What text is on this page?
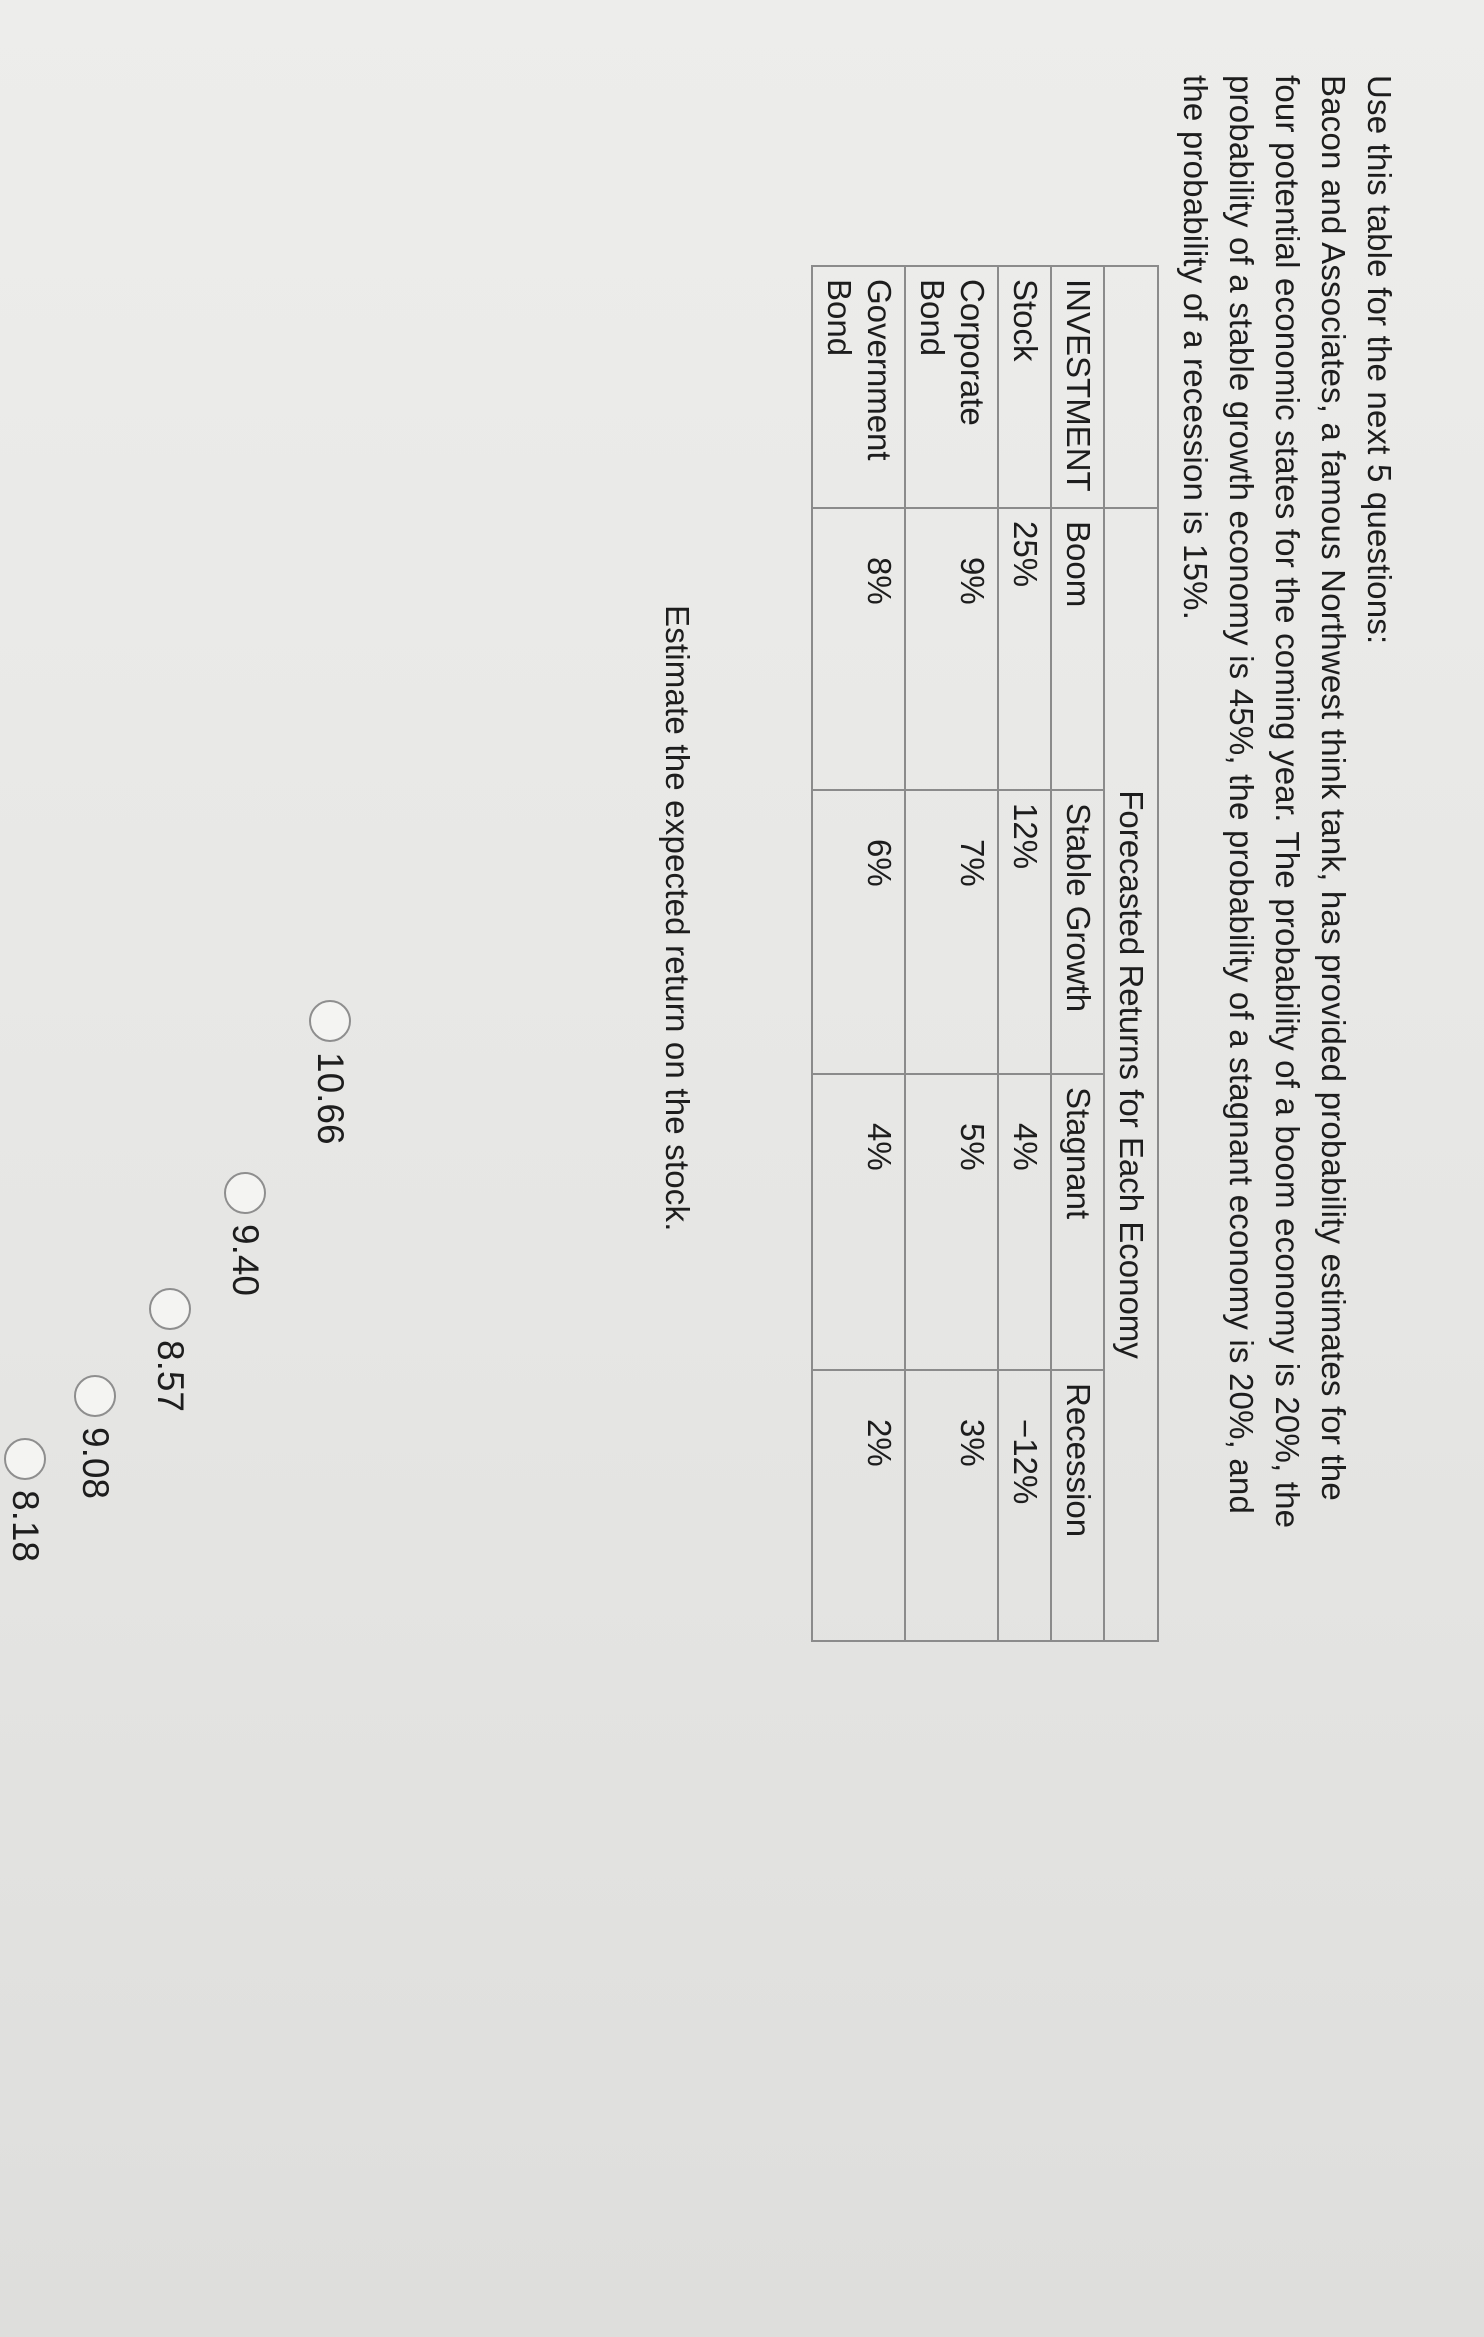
Use this table for the next 5 questions:

Bacon and Associates, a famous Northwest think tank, has provided probability estimates for the

four potential economic states for the coming year. The probability of a boom economy is 20%, the

probability of a stable growth economy is 45%, the probability of a stagnant economy is 20%, and

the probability of a recession is 15%.

	Forecasted Returns for Each Economy			
INVESTMENT	Boom	Stable Growth	Stagnant	Recession
Stock	25%	12%	4%	−12%
Corporate Bond	9%	7%	5%	3%
Government Bond	8%	6%	4%	2%
Estimate the expected return on the stock.
10.66
9.40
8.57
9.08
8.18
